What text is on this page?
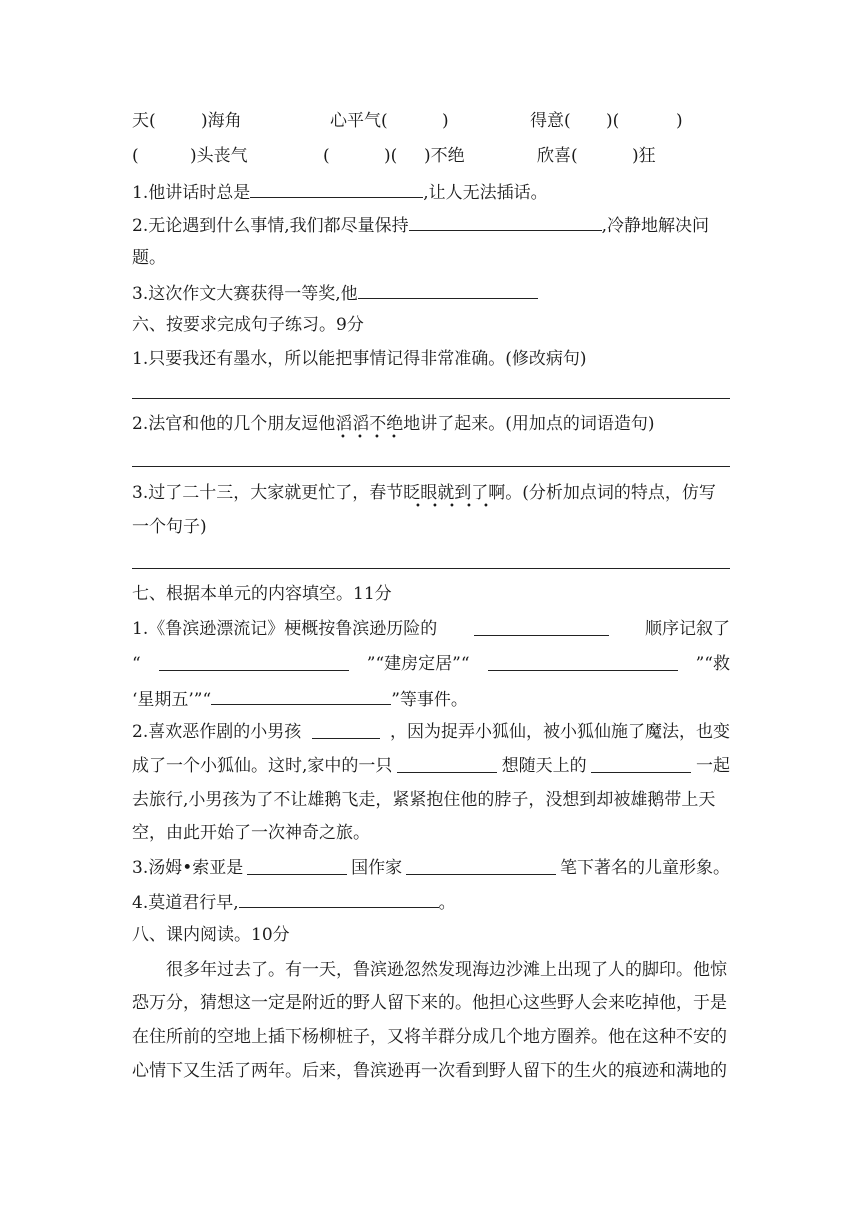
天(	)海角	心平气(	)	得意( )(	)
(	)头丧气	(	)( )不绝	欣喜(	)狂
1.他讲话时总是	,让人无法插话。
2.无论遇到什么事情,我们都尽量保持	,冷静地解决问
题。
3.这次作文大赛获得一等奖,他
六、按要求完成句子练习。9分
1.只要我还有墨水，所以能把事情记得非常准确。(修改病句)
2.法官和他的几个朋友逗他滔滔不绝地讲了起来。(用加点的词语造句)
• • • •
3.过了二十三，大家就更忙了，春节眨眼就到了啊。(分析加点词的特点，仿写
• • • • •
一个句子)
七、根据本单元的内容填空。11分
1.《鲁滨逊漂流记》梗概按鲁滨逊历险的	顺序记叙了
“	”“建房定居”“	”“救
‘星期五’”“	”等事件。
2.喜欢恶作剧的小男孩	，因为捉弄小狐仙，被小狐仙施了魔法，也变
成了一个小狐仙。这时,家中的一只	想随天上的	一起
去旅行,小男孩为了不让雄鹅飞走，紧紧抱住他的脖子，没想到却被雄鹅带上天
空，由此开始了一次神奇之旅。
3.汤姆•索亚是	国作家	笔下著名的儿童形象。
4.莫道君行早,	。
八、课内阅读。10分
很多年过去了。有一天，鲁滨逊忽然发现海边沙滩上出现了人的脚印。他惊
恐万分，猜想这一定是附近的野人留下来的。他担心这些野人会来吃掉他，于是
在住所前的空地上插下杨柳桩子，又将羊群分成几个地方圈养。他在这种不安的
心情下又生活了两年。后来，鲁滨逊再一次看到野人留下的生火的痕迹和满地的
